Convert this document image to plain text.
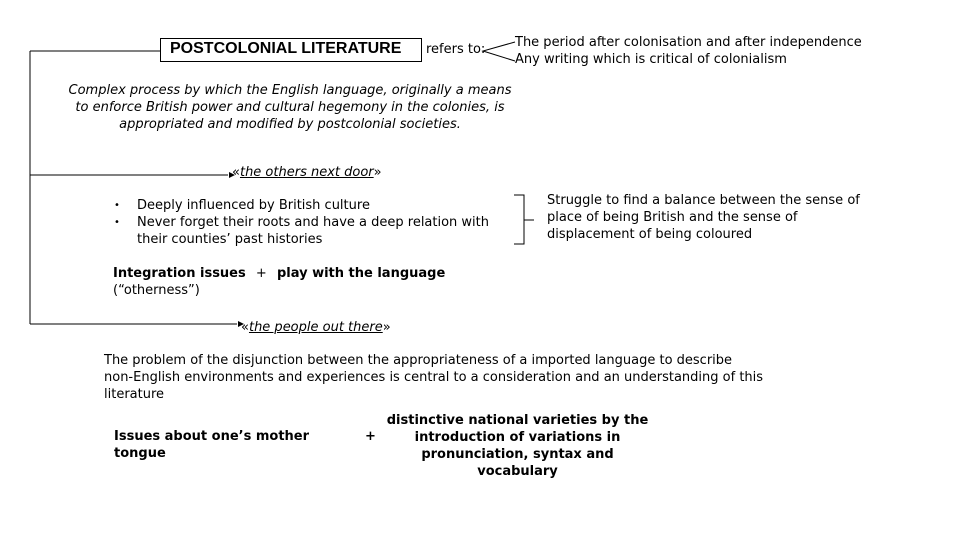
POSTCOLONIAL LITERATURE refers to: The period after colonisation and after independence
Any writing which is critical of colonialism
Complex process by which the English language, originally a means to enforce British power and cultural hegemony in the colonies, is appropriated and modified by postcolonial societies.
«the others next door»
• Deeply influenced by British culture
• Never forget their roots and have a deep relation with their counties’ past histories
Struggle to find a balance between the sense of place of being British and the sense of displacement of being coloured
Integration issues + play with the language
(“otherness”)
«the people out there»
The problem of the disjunction between the appropriateness of a imported language to describe non-English environments and experiences is central to a consideration and an understanding of this literature
Issues about one’s mother tongue
+
distinctive national varieties by the introduction of variations in pronunciation, syntax and vocabulary
